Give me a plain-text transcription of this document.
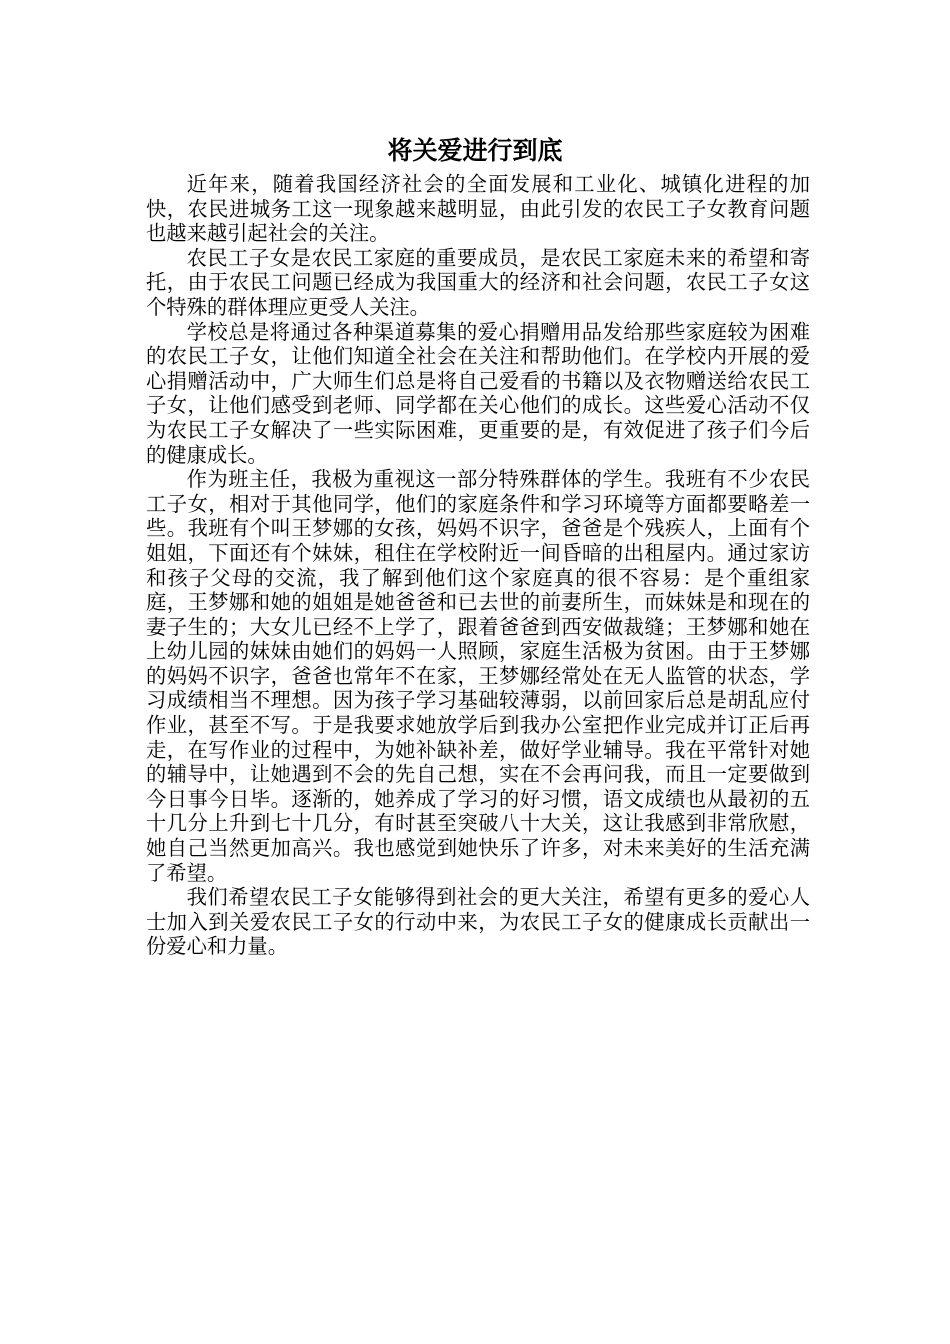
将关爱进行到底

近年来，随着我国经济社会的全面发展和工业化、城镇化进程的加快，农民进城务工这一现象越来越明显，由此引发的农民工子女教育问题也越来越引起社会的关注。

农民工子女是农民工家庭的重要成员，是农民工家庭未来的希望和寄托，由于农民工问题已经成为我国重大的经济和社会问题，农民工子女这个特殊的群体理应更受人关注。

学校总是将通过各种渠道募集的爱心捐赠用品发给那些家庭较为困难的农民工子女，让他们知道全社会在关注和帮助他们。在学校内开展的爱心捐赠活动中，广大师生们总是将自己爱看的书籍以及衣物赠送给农民工子女，让他们感受到老师、同学都在关心他们的成长。这些爱心活动不仅为农民工子女解决了一些实际困难，更重要的是，有效促进了孩子们今后的健康成长。

作为班主任，我极为重视这一部分特殊群体的学生。我班有不少农民工子女，相对于其他同学，他们的家庭条件和学习环境等方面都要略差一些。我班有个叫王梦娜的女孩，妈妈不识字，爸爸是个残疾人，上面有个姐姐，下面还有个妹妹，租住在学校附近一间昏暗的出租屋内。通过家访和孩子父母的交流，我了解到他们这个家庭真的很不容易：是个重组家庭，王梦娜和她的姐姐是她爸爸和已去世的前妻所生，而妹妹是和现在的妻子生的；大女儿已经不上学了，跟着爸爸到西安做裁缝；王梦娜和她在上幼儿园的妹妹由她们的妈妈一人照顾，家庭生活极为贫困。由于王梦娜的妈妈不识字，爸爸也常年不在家，王梦娜经常处在无人监管的状态，学习成绩相当不理想。因为孩子学习基础较薄弱，以前回家后总是胡乱应付作业，甚至不写。于是我要求她放学后到我办公室把作业完成并订正后再走，在写作业的过程中，为她补缺补差，做好学业辅导。我在平常针对她的辅导中，让她遇到不会的先自己想，实在不会再问我，而且一定要做到今日事今日毕。逐渐的，她养成了学习的好习惯，语文成绩也从最初的五十几分上升到七十几分，有时甚至突破八十大关，这让我感到非常欣慰，她自己当然更加高兴。我也感觉到她快乐了许多，对未来美好的生活充满了希望。

我们希望农民工子女能够得到社会的更大关注，希望有更多的爱心人士加入到关爱农民工子女的行动中来，为农民工子女的健康成长贡献出一份爱心和力量。
